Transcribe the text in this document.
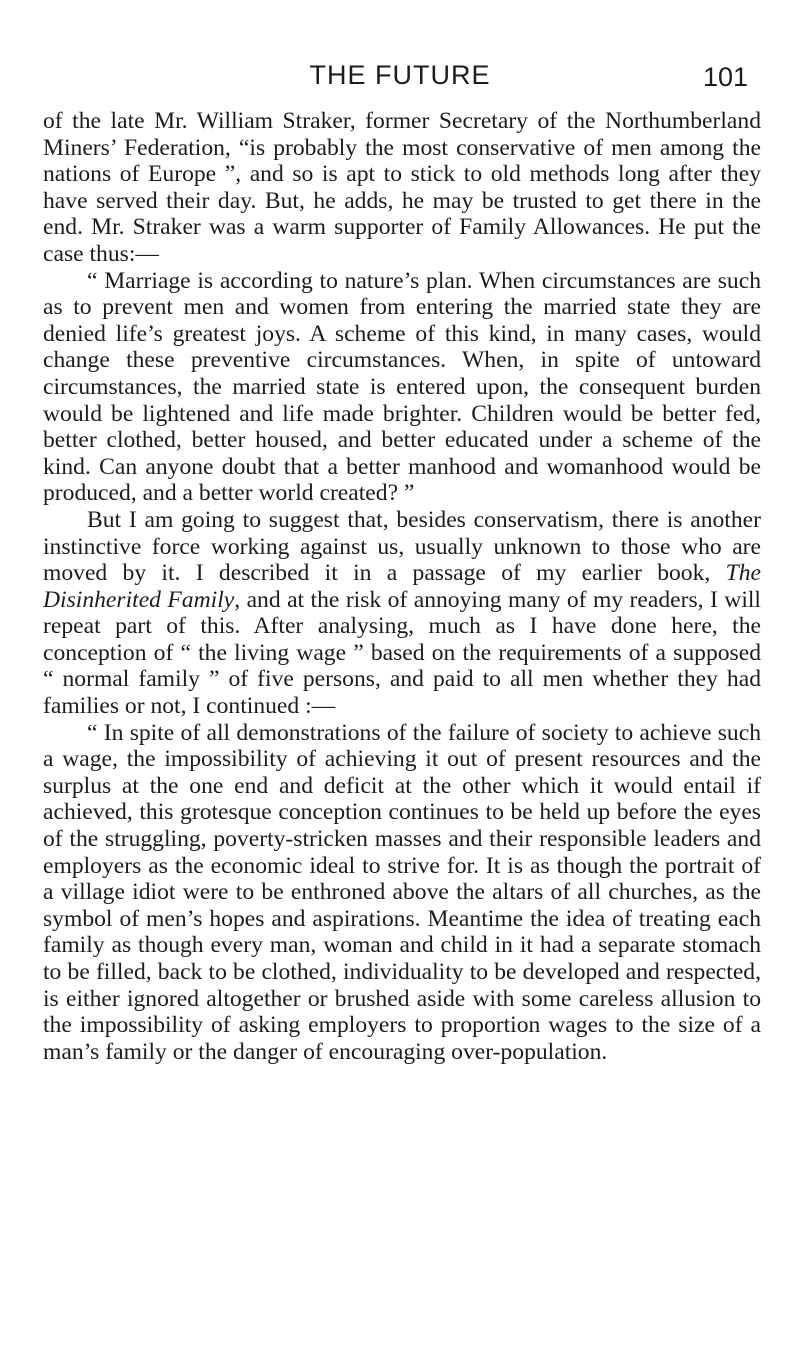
THE FUTURE	101

of the late Mr. William Straker, former Secretary of the Northumberland Miners’ Federation, “is probably the most conservative of men among the nations of Europe ”, and so is apt to stick to old methods long after they have served their day. But, he adds, he may be trusted to get there in the end. Mr. Straker was a warm supporter of Family Allowances. He put the case thus:—

“ Marriage is according to nature’s plan. When circumstances are such as to prevent men and women from entering the married state they are denied life’s greatest joys. A scheme of this kind, in many cases, would change these preventive circumstances. When, in spite of untoward circumstances, the married state is entered upon, the consequent burden would be lightened and life made brighter. Children would be better fed, better clothed, better housed, and better educated under a scheme of the kind. Can anyone doubt that a better manhood and womanhood would be produced, and a better world created? ”

But I am going to suggest that, besides conservatism, there is another instinctive force working against us, usually unknown to those who are moved by it. I described it in a passage of my earlier book, The Disinherited Family, and at the risk of annoying many of my readers, I will repeat part of this. After analysing, much as I have done here, the conception of “ the living wage ” based on the requirements of a supposed “ normal family ” of five persons, and paid to all men whether they had families or not, I continued :—

“ In spite of all demonstrations of the failure of society to achieve such a wage, the impossibility of achieving it out of present resources and the surplus at the one end and deficit at the other which it would entail if achieved, this grotesque conception continues to be held up before the eyes of the struggling, poverty-stricken masses and their responsible leaders and employers as the economic ideal to strive for. It is as though the portrait of a village idiot were to be enthroned above the altars of all churches, as the symbol of men’s hopes and aspirations. Meantime the idea of treating each family as though every man, woman and child in it had a separate stomach to be filled, back to be clothed, individuality to be developed and respected, is either ignored altogether or brushed aside with some careless allusion to the impossibility of asking employers to proportion wages to the size of a man’s family or the danger of encouraging over-population.
